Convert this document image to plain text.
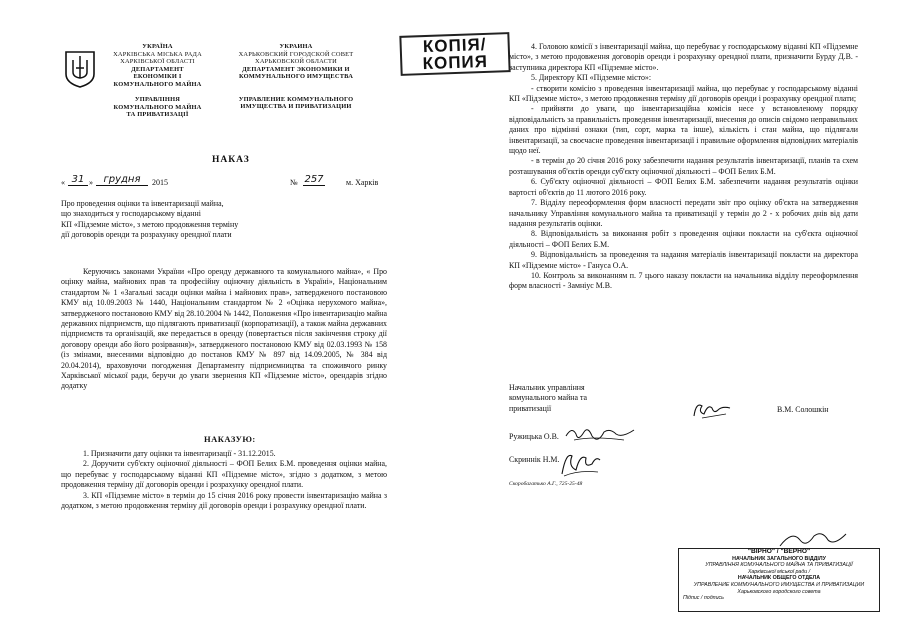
УКРАЇНА
ХАРКІВСЬКА МІСЬКА РАДА
ХАРКІВСЬКОЇ ОБЛАСТІ
ДЕПАРТАМЕНТ
ЕКОНОМІКИ І
КОМУНАЛЬНОГО МАЙНА
УПРАВЛІННЯ
КОМУНАЛЬНОГО МАЙНА
ТА ПРИВАТИЗАЦІЇ
УКРАИНА
ХАРЬКОВСКИЙ ГОРОДСКОЙ СОВЕТ
ХАРЬКОВСКОЙ ОБЛАСТИ
ДЕПАРТАМЕНТ ЭКОНОМИКИ И
КОММУНАЛЬНОГО ИМУЩЕСТВА
УПРАВЛЕНИЕ КОММУНАЛЬНОГО
ИМУЩЕСТВА И ПРИВАТИЗАЦИИ
КОПІЯ/
КОПИЯ
НАКАЗ
« 31 »	грудня	2015	№ 257	м. Харків
Про проведення оцінки та інвентаризації майна,
що знаходиться у господарському віданні
КП «Підземне місто», з метою продовження терміну
дії договорів оренди та розрахунку орендної плати
Керуючись законами України «Про оренду державного та комунального майна», « Про оцінку майна, майнових прав та професійну оціночну діяльність в Україні», Національним стандартом № 1 «Загальні засади оцінки майна і майнових прав», затвердженого постановою КМУ від 10.09.2003 № 1440, Національним стандартом № 2 «Оцінка нерухомого майна», затвердженого постановою КМУ від 28.10.2004 № 1442, Положення «Про інвентаризацію майна державних підприємств, що підлягають приватизації (корпоратизації), а також майна державних підприємств та організацій, яке передається в оренду (повертається після закінчення строку дії договору оренди або його розірвання)», затвердженого постановою КМУ від 02.03.1993 № 158 (із змінами, внесеними відповідно до постанов КМУ № 897 від 14.09.2005, № 384 від 20.04.2014), враховуючи погодження Департаменту підприємництва та споживчого ринку Харківської міської ради, беручи до уваги звернення КП «Підземне місто», орендарів згідно додатку
НАКАЗУЮ:

1. Призначити дату оцінки та інвентаризації - 31.12.2015.

2. Доручити суб'єкту оціночної діяльності – ФОП Белих Б.М. проведення оцінки майна, що перебуває у господарському віданні КП «Підземне місто», згідно з додатком, з метою продовження терміну дії договорів оренди і розрахунку орендної плати.

3. КП «Підземне місто» в термін до 15 січня 2016 року провести інвентаризацію майна з додатком, з метою продовження терміну дії договорів оренди і розрахунку орендної плати.

4. Головою комісії з інвентаризації майна, що перебуває у господарському віданні КП «Підземне місто», з метою продовження договорів оренди і розрахунку орендної плати, призначити Бурду Д.В. - заступника директора КП «Підземне місто».

5. Директору КП «Підземне місто»:

- створити комісію з проведення інвентаризації майна, що перебуває у господарському віданні КП «Підземне місто», з метою продовження терміну дії договорів оренди і розрахунку орендної плати;

- прийняти до уваги, що інвентаризаційна комісія несе у встановленому порядку відповідальність за правильність проведення інвентаризації, внесення до описів свідомо неправильних даних про відмінні ознаки (тип, сорт, марка та інше), кількість і стан майна, що підлягали інвентаризації, за своєчасне проведення інвентаризації і правильне оформлення відповідних матеріалів щодо неї.

- в термін до 20 січня 2016 року забезпечити надання результатів інвентаризації, планів та схем розташування об'єктів оренди суб'єкту оціночної діяльності – ФОП Белих Б.М.

6. Суб'єкту оціночної діяльності – ФОП Белих Б.М. забезпечити надання результатів оцінки вартості об'єктів до 11 лютого 2016 року.

7. Відділу переоформлення форм власності передати звіт про оцінку об'єкта на затвердження начальнику Управління комунального майна та приватизації у термін до 2 - х робочих днів від дати надання результатів оцінки.

8. Відповідальність за виконання робіт з проведення оцінки покласти на суб'єкта оціночної діяльності – ФОП Белих Б.М.

9. Відповідальність за проведення та надання матеріалів інвентаризації покласти на директора КП «Підземне місто» - Гануса О.А.

10. Контроль за виконанням п. 7 цього наказу покласти на начальника відділу переоформлення форм власності - Замніус М.В.

Начальник управління
комунального майна та
приватизації	В.М. Солошкін
Ружицька О.В.
Скриннік Н.М.
Скоробагатько А.Г., 725-25-48
"ВІРНО" / "ВЕРНО"
НАЧАЛЬНИК ЗАГАЛЬНОГО ВІДДІЛУ
УПРАВЛІННЯ КОМУНАЛЬНОГО МАЙНА ТА ПРИВАТИЗАЦІЇ
Харківської міської ради /
НАЧАЛЬНИК ОБЩЕГО ОТДЕЛА
УПРАВЛЕНИЕ КОММУНАЛЬНОГО ИМУЩЕСТВА И ПРИВАТИЗАЦИИ
Харьковского городского совета
Підпис / подпись
